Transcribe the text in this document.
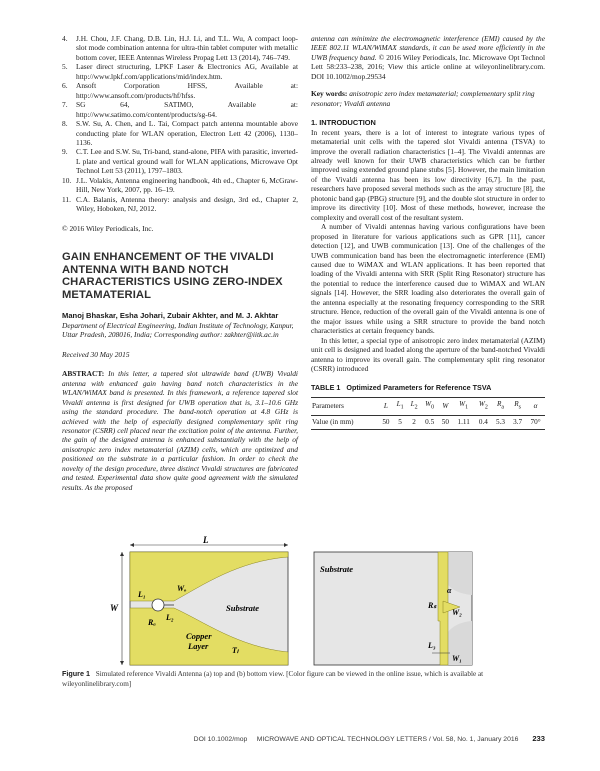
4. J.H. Chou, J.F. Chang, D.B. Lin, H.J. Li, and T.L. Wu, A compact loop-slot mode combination antenna for ultra-thin tablet computer with metallic bottom cover, IEEE Antennas Wireless Propag Lett 13 (2014), 746–749.
5. Laser direct structuring, LPKF Laser & Electronics AG, Available at http://www.lpkf.com/applications/mid/index.htm.
6. Ansoft Corporation HFSS, Available at: http://www.ansoft.com/products/hf/hfss.
7. SG 64, SATIMO, Available at: http://www.satimo.com/content/products/sg-64.
8. S.W. Su, A. Chen, and L. Tai, Compact patch antenna mountable above conducting plate for WLAN operation, Electron Lett 42 (2006), 1130–1136.
9. C.T. Lee and S.W. Su, Tri-band, stand-alone, PIFA with parasitic, inverted-L plate and vertical ground wall for WLAN applications, Microwave Opt Technol Lett 53 (2011), 1797–1803.
10. J.L. Volakis, Antenna engineering handbook, 4th ed., Chapter 6, McGraw-Hill, New York, 2007, pp. 16–19.
11. C.A. Balanis, Antenna theory: analysis and design, 3rd ed., Chapter 2, Wiley, Hoboken, NJ, 2012.
© 2016 Wiley Periodicals, Inc.
GAIN ENHANCEMENT OF THE VIVALDI ANTENNA WITH BAND NOTCH CHARACTERISTICS USING ZERO-INDEX METAMATERIAL
Manoj Bhaskar, Esha Johari, Zubair Akhter, and M. J. Akhtar
Department of Electrical Engineering, Indian Institute of Technology, Kanpur, Uttar Pradesh, 208016, India; Corresponding author: zakhter@iitk.ac.in
Received 30 May 2015
ABSTRACT: In this letter, a tapered slot ultrawide band (UWB) Vivaldi antenna with enhanced gain having band notch characteristics in the WLAN/WiMAX band is presented. In this framework, a reference tapered slot Vivaldi antenna is first designed for UWB operation that is, 3.1–10.6 GHz using the standard procedure. The band-notch operation at 4.8 GHz is achieved with the help of especially designed complementary split ring resonator (CSRR) cell placed near the excitation point of the antenna. Further, the gain of the designed antenna is enhanced substantially with the help of anisotropic zero index metamaterial (AZIM) cells, which are optimized and positioned on the substrate in a particular fashion. In order to check the novelty of the design procedure, three distinct Vivaldi structures are fabricated and tested. Experimental data show quite good agreement with the simulated results. As the proposed
antenna can minimize the electromagnetic interference (EMI) caused by the IEEE 802.11 WLAN/WiMAX standards, it can be used more efficiently in the UWB frequency band. © 2016 Wiley Periodicals, Inc. Microwave Opt Technol Lett 58:233–238, 2016; View this article online at wileyonlinelibrary.com. DOI 10.1002/mop.29534
Key words: anisotropic zero index metamaterial; complementary split ring resonator; Vivaldi antenna
1. INTRODUCTION

In recent years, there is a lot of interest to integrate various types of metamaterial unit cells with the tapered slot Vivaldi antenna (TSVA) to improve the overall radiation characteristics [1–4]. The Vivaldi antennas are already well known for their UWB characteristics which can be further improved using extended ground plane stubs [5]. However, the main limitation of the Vivaldi antenna has been its low directivity [6,7]. In the past, researchers have proposed several methods such as the array structure [8], the photonic band gap (PBG) structure [9], and the double slot structure in order to improve its directivity [10]. Most of these methods, however, increase the complexity and overall cost of the resultant system.

A number of Vivaldi antennas having various configurations have been proposed in literature for various applications such as GPR [11], cancer detection [12], and UWB communication [13]. One of the challenges of the UWB communication band has been the electromagnetic interference (EMI) caused due to WiMAX and WLAN applications. It has been reported that loading of the Vivaldi antenna with SRR (Split Ring Resonator) structure has the potential to reduce the interference caused due to WiMAX and WLAN signals [14]. However, the SRR loading also deteriorates the overall gain of the antenna especially at the resonating frequency corresponding to the SRR structure. Hence, reduction of the overall gain of the Vivaldi antenna is one of the major issues while using a SRR structure to provide the band notch characteristics at certain frequency bands.

In this letter, a special type of anisotropic zero index metamaterial (AZIM) unit cell is designed and loaded along the aperture of the band-notched Vivaldi antenna to improve its overall gain. The complementary split ring resonator (CSRR) introduced

TABLE 1 Optimized Parameters for Reference TSVA
Parameters	L	$L_1$	$L_2$	$W_0$	W	$W_1$	$W_2$	$R_a$	$R_s$	α
Value (in mm)	50	5	2	0.5	50	1.11	0.4	5.3	3.7	70°
L
W
L₁
Wₒ
L₂
Rₐ
Substrate
Copper
Layer	Tₗ
Substrate
α
Rₛ
W₂
L₃
W₁
Figure 1 Simulated reference Vivaldi Antenna (a) top and (b) bottom view. [Color figure can be viewed in the online issue, which is available at wileyonlinelibrary.com]
DOI 10.1002/mop MICROWAVE AND OPTICAL TECHNOLOGY LETTERS / Vol. 58, No. 1, January 2016 233
